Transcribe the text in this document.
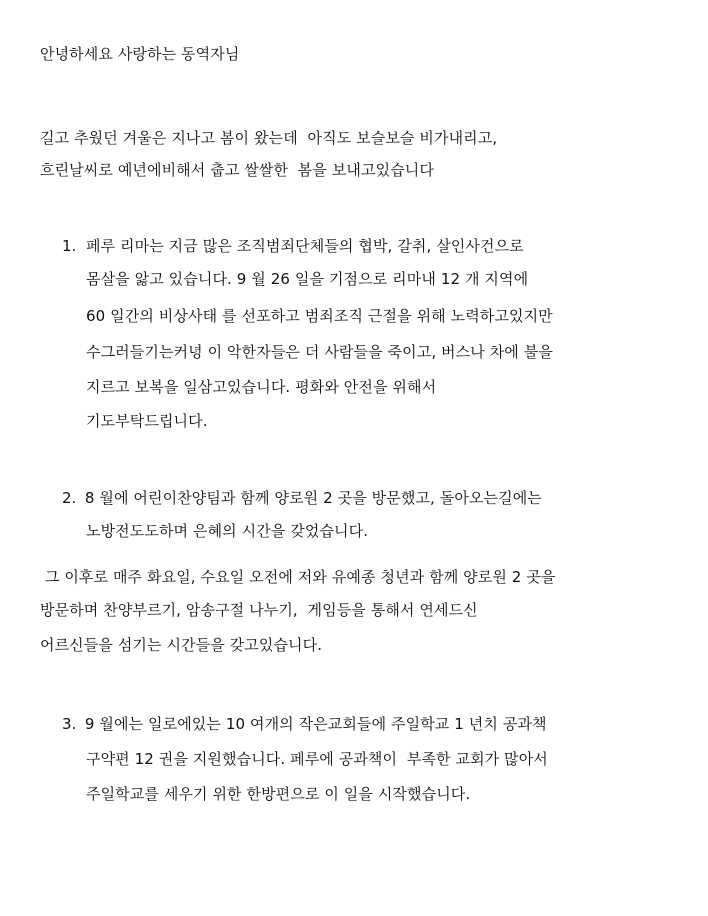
안녕하세요 사랑하는 동역자님
길고 추웠던 겨울은 지나고 봄이 왔는데  아직도 보슬보슬 비가내리고,
흐린날씨로 예년에비해서 춥고 쌀쌀한  봄을 보내고있습니다
1. 페루 리마는 지금 많은 조직범죄단체들의 협박, 갈취, 살인사건으로
몸살을 앓고 있습니다. 9 월 26 일을 기점으로 리마내 12 개 지역에
60 일간의 비상사태 를 선포하고 범죄조직 근절을 위해 노력하고있지만
수그러들기는커녕 이 악한자들은 더 사람들을 죽이고, 버스나 차에 불을
지르고 보복을 일삼고있습니다. 평화와 안전을 위해서
기도부탁드립니다.
2. 8 월에 어린이찬양팀과 함께 양로원 2 곳을 방문했고, 돌아오는길에는
노방전도도하며 은혜의 시간을 갖었습니다.
그 이후로 매주 화요일, 수요일 오전에 저와 유예종 청년과 함께 양로원 2 곳을
방문하며 찬양부르기, 암송구절 나누기,  게임등을 통해서 연세드신
어르신들을 섬기는 시간들을 갖고있습니다.
3. 9 월에는 일로에있는 10 여개의 작은교회들에 주일학교 1 년치 공과책
구약편 12 권을 지원했습니다. 페루에 공과책이  부족한 교회가 많아서
주일학교를 세우기 위한 한방편으로 이 일을 시작했습니다.
